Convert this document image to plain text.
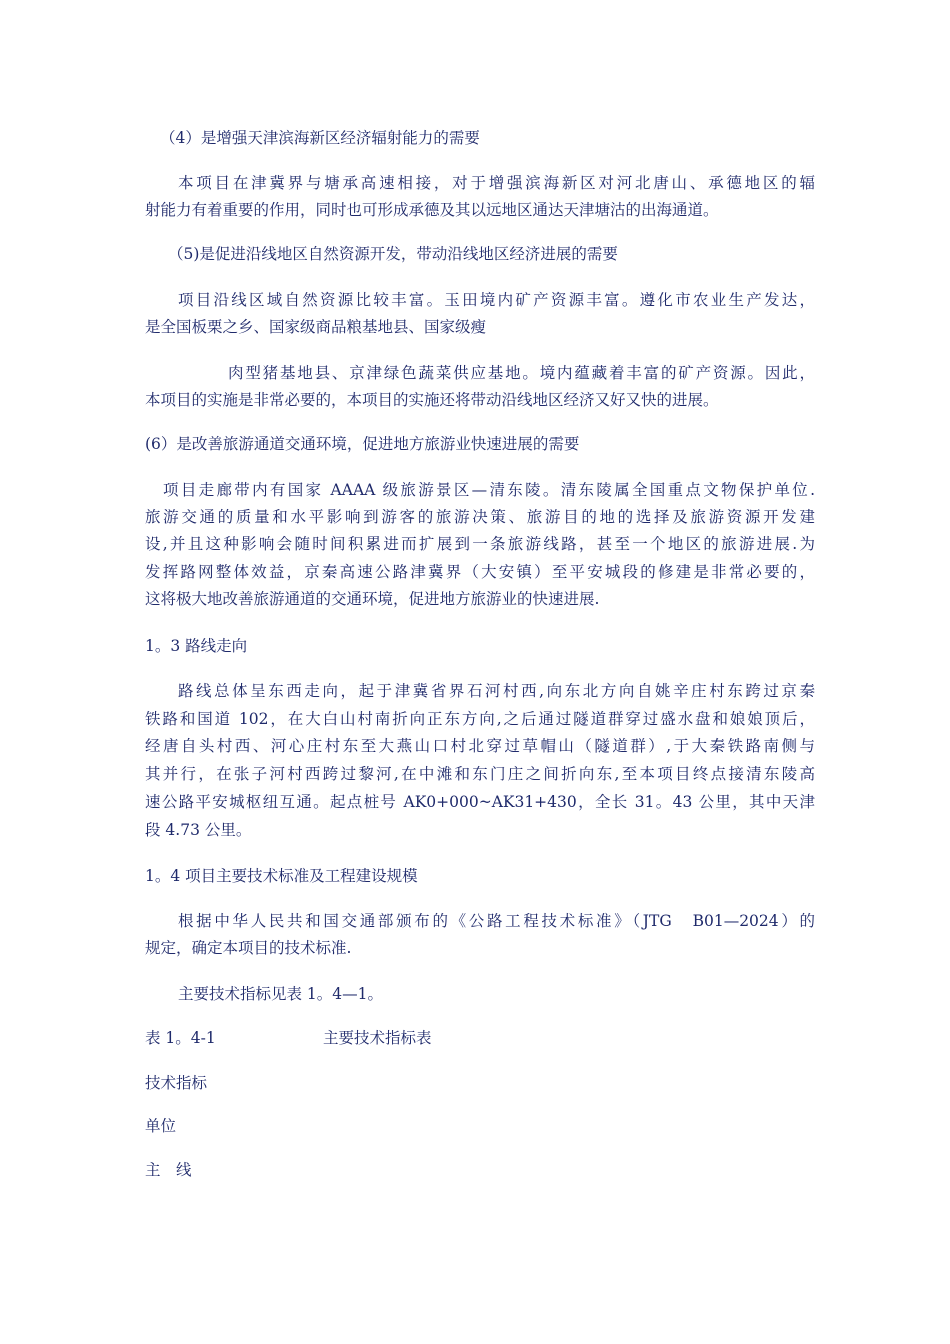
（4）是增强天津滨海新区经济辐射能力的需要
本项目在津冀界与塘承高速相接，对于增强滨海新区对河北唐山、承德地区的辐
射能力有着重要的作用，同时也可形成承德及其以远地区通达天津塘沽的出海通道。
（5)是促进沿线地区自然资源开发，带动沿线地区经济进展的需要
项目沿线区域自然资源比较丰富。玉田境内矿产资源丰富。遵化市农业生产发达，
是全国板栗之乡、国家级商品粮基地县、国家级瘦
肉型猪基地县、京津绿色蔬菜供应基地。境内蕴藏着丰富的矿产资源。因此，
本项目的实施是非常必要的，本项目的实施还将带动沿线地区经济又好又快的进展。
(6）是改善旅游通道交通环境，促进地方旅游业快速进展的需要
项目走廊带内有国家 AAAA 级旅游景区—清东陵。清东陵属全国重点文物保护单位.
旅游交通的质量和水平影响到游客的旅游决策、旅游目的地的选择及旅游资源开发建
设,并且这种影响会随时间积累进而扩展到一条旅游线路，甚至一个地区的旅游进展.为
发挥路网整体效益，京秦高速公路津冀界（大安镇）至平安城段的修建是非常必要的，
这将极大地改善旅游通道的交通环境，促进地方旅游业的快速进展.
1。3 路线走向
路线总体呈东西走向，起于津冀省界石河村西,向东北方向自姚辛庄村东跨过京秦
铁路和国道 102，在大白山村南折向正东方向,之后通过隧道群穿过盛水盘和娘娘顶后，
经唐自头村西、河心庄村东至大燕山口村北穿过草帽山（隧道群）,于大秦铁路南侧与
其并行，在张子河村西跨过黎河,在中滩和东门庄之间折向东,至本项目终点接清东陵高
速公路平安城枢纽互通。起点桩号 AK0+000~AK31+430，全长 31。43 公里，其中天津
段 4.73 公里。
1。4 项目主要技术标准及工程建设规模
根据中华人民共和国交通部颁布的《公路工程技术标准》（JTG　B01—2024）的
规定，确定本项目的技术标准.
主要技术指标见表 1。4—1。
表 1。4-1	主要技术指标表
技术指标
单位
主　线
